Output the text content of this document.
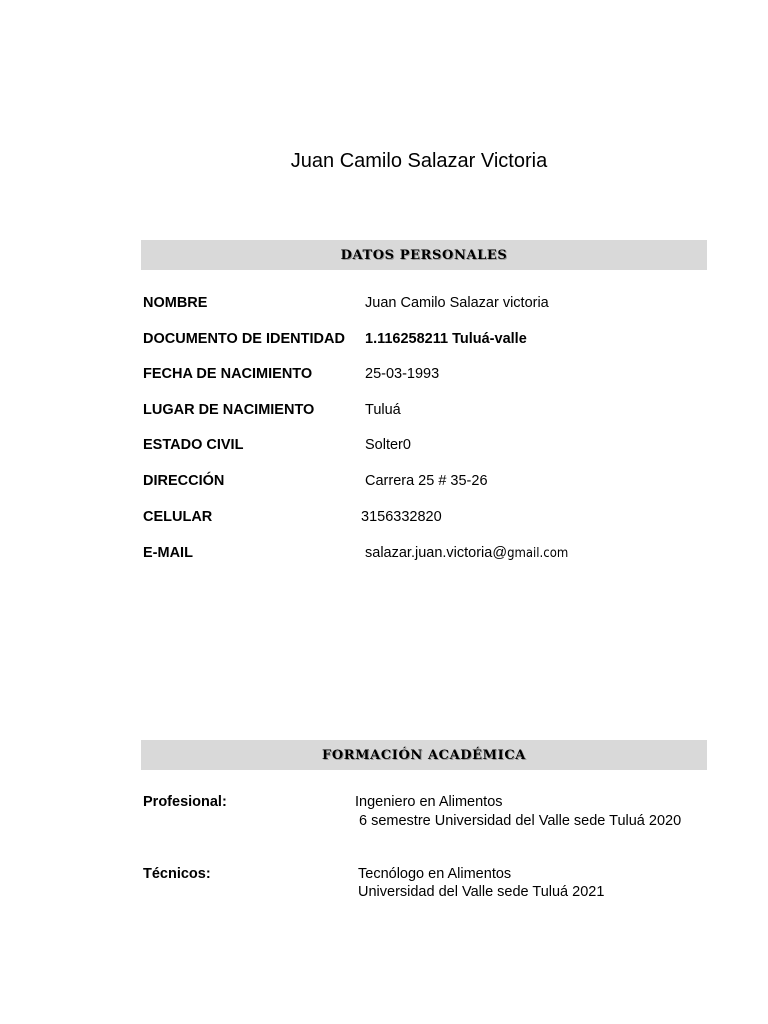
Juan Camilo Salazar Victoria
DATOS PERSONALES
NOMBRE	Juan Camilo Salazar victoria
DOCUMENTO DE IDENTIDAD 1.116258211 Tuluá-valle
FECHA DE NACIMIENTO	25-03-1993
LUGAR DE NACIMIENTO	Tuluá
ESTADO CIVIL	Solter0
DIRECCIÓN	Carrera 25 # 35-26
CELULAR	3156332820
E-MAIL	salazar.juan.victoria@gmail.com
FORMACIÓN ACADÉMICA
Profesional:	Ingeniero en Alimentos
6 semestre Universidad del Valle sede Tuluá 2020
Técnicos:	Tecnólogo en Alimentos
Universidad del Valle sede Tuluá 2021
